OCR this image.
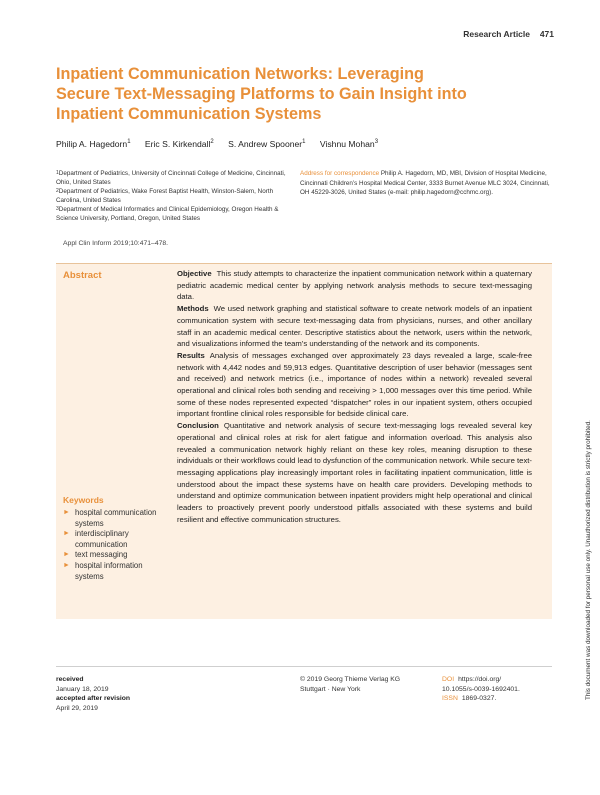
Research Article 471
Inpatient Communication Networks: Leveraging
Secure Text-Messaging Platforms to Gain Insight into
Inpatient Communication Systems
Philip A. Hagedorn$^1$ Eric S. Kirkendall$^2$ S. Andrew Spooner$^1$ Vishnu Mohan$^3$

$^1$Department of Pediatrics, University of Cincinnati College of Medicine, Cincinnati, Ohio, United States

$^2$Department of Pediatrics, Wake Forest Baptist Health, Winston-Salem, North Carolina, United States

$^3$Department of Medical Informatics and Clinical Epidemiology, Oregon Health & Science University, Portland, Oregon, United States

Address for correspondence Philip A. Hagedorn, MD, MBI, Division of Hospital Medicine, Cincinnati Children’s Hospital Medical Center, 3333 Burnet Avenue MLC 3024, Cincinnati, OH 45229-3026, United States (e-mail: philip.hagedorn@cchmc.org).
Appl Clin Inform 2019;10:471–478.
Abstract
Keywords
► hospital communication systems
► interdisciplinary communication
► text messaging
► hospital information systems

Objective This study attempts to characterize the inpatient communication network within a quaternary pediatric academic medical center by applying network analysis methods to secure text-messaging data.

Methods We used network graphing and statistical software to create network models of an inpatient communication system with secure text-messaging data from physicians, nurses, and other ancillary staff in an academic medical center. Descriptive statistics about the network, users within the network, and visualizations informed the team’s understanding of the network and its components.

Results Analysis of messages exchanged over approximately 23 days revealed a large, scale-free network with 4,442 nodes and 59,913 edges. Quantitative description of user behavior (messages sent and received) and network metrics (i.e., importance of nodes within a network) revealed several operational and clinical roles both sending and receiving > 1,000 messages over this time period. While some of these nodes represented expected “dispatcher” roles in our inpatient system, others occupied important frontline clinical roles responsible for bedside clinical care.

Conclusion Quantitative and network analysis of secure text-messaging logs revealed several key operational and clinical roles at risk for alert fatigue and information overload. This analysis also revealed a communication network highly reliant on these key roles, meaning disruption to these individuals or their workflows could lead to dysfunction of the communication network. While secure text-messaging applications play increasingly important roles in facilitating inpatient communication, little is understood about the impact these systems have on health care providers. Developing methods to understand and optimize communication between inpatient providers might help operational and clinical leaders to proactively prevent poorly understood pitfalls associated with these systems and build resilient and effective communication structures.	This document was downloaded for personal use only. Unauthorized distribution is strictly prohibited.
received
January 18, 2019
accepted after revision
April 29, 2019
© 2019 Georg Thieme Verlag KG
Stuttgart · New York
DOI https://doi.org/
10.1055/s-0039-1692401.
ISSN 1869-0327.
